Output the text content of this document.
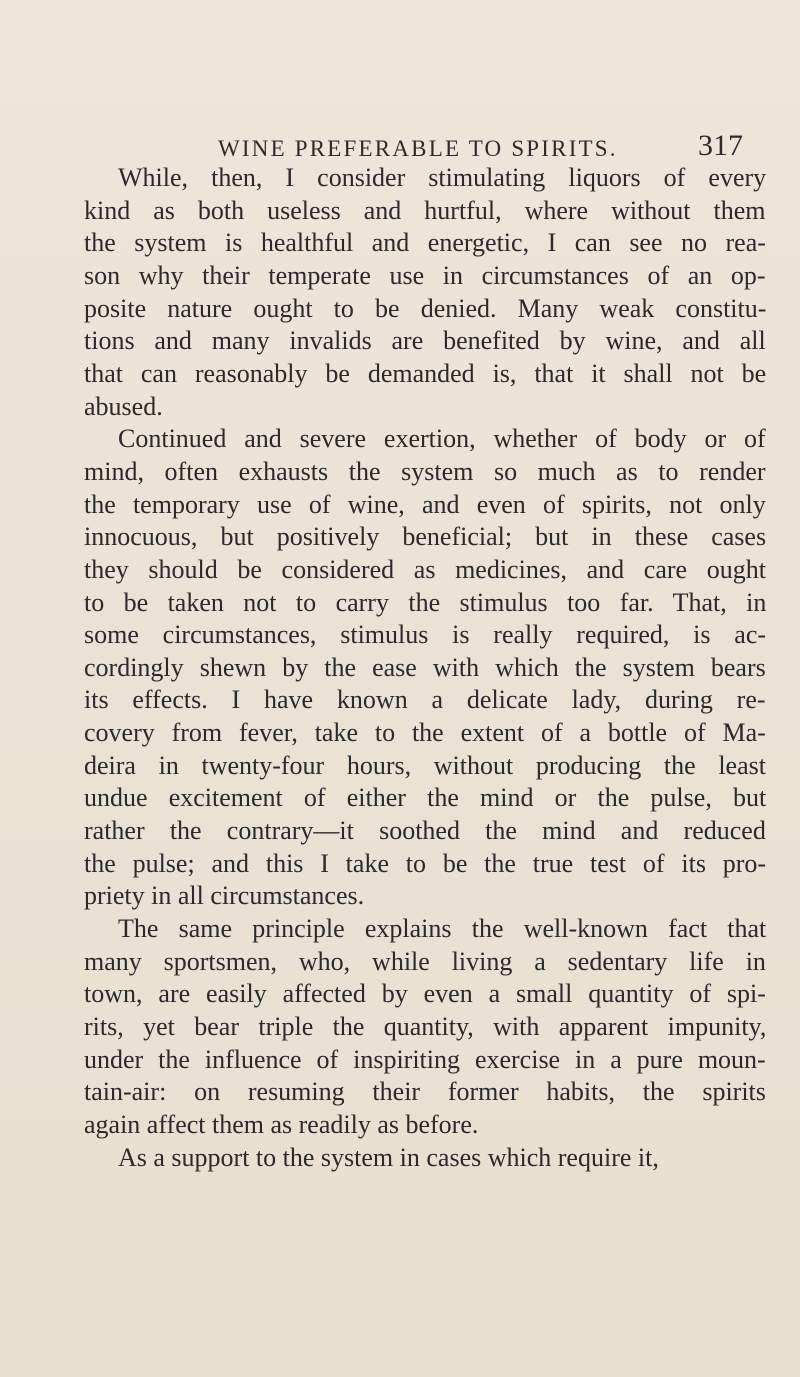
WINE PREFERABLE TO SPIRITS.	317
While, then, I consider stimulating liquors of every
kind as both useless and hurtful, where without them
the system is healthful and energetic, I can see no rea-
son why their temperate use in circumstances of an op-
posite nature ought to be denied. Many weak constitu-
tions and many invalids are benefited by wine, and all
that can reasonably be demanded is, that it shall not be
abused.
Continued and severe exertion, whether of body or of
mind, often exhausts the system so much as to render
the temporary use of wine, and even of spirits, not only
innocuous, but positively beneficial; but in these cases
they should be considered as medicines, and care ought
to be taken not to carry the stimulus too far. That, in
some circumstances, stimulus is really required, is ac-
cordingly shewn by the ease with which the system bears
its effects. I have known a delicate lady, during re-
covery from fever, take to the extent of a bottle of Ma-
deira in twenty-four hours, without producing the least
undue excitement of either the mind or the pulse, but
rather the contrary—it soothed the mind and reduced
the pulse; and this I take to be the true test of its pro-
priety in all circumstances.
The same principle explains the well-known fact that
many sportsmen, who, while living a sedentary life in
town, are easily affected by even a small quantity of spi-
rits, yet bear triple the quantity, with apparent impunity,
under the influence of inspiriting exercise in a pure moun-
tain-air: on resuming their former habits, the spirits
again affect them as readily as before.
As a support to the system in cases which require it,
